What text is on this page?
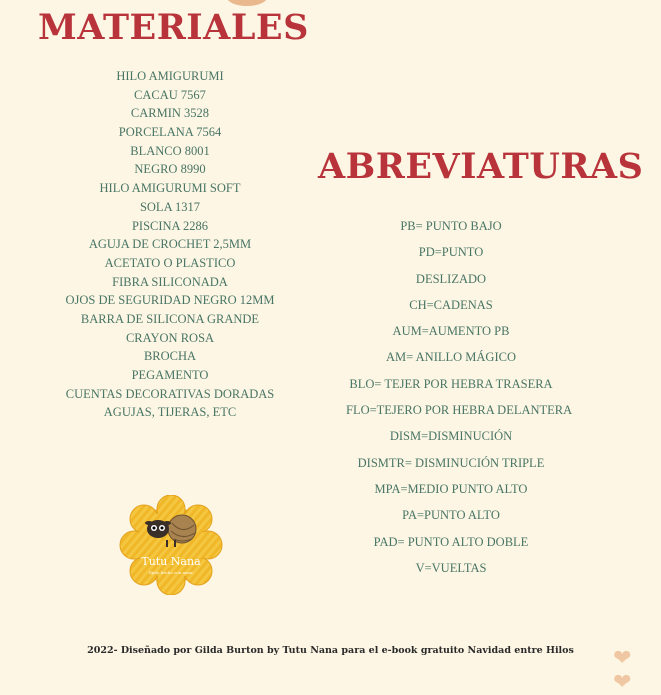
MATERIALES
HILO AMIGURUMI
CACAU 7567
CARMIN 3528
PORCELANA 7564
BLANCO 8001
NEGRO 8990
HILO AMIGURUMI SOFT
SOLA 1317
PISCINA 2286
AGUJA DE CROCHET 2,5MM
ACETATO O PLASTICO
FIBRA SILICONADA
OJOS DE SEGURIDAD NEGRO 12MM
BARRA DE SILICONA GRANDE
CRAYON ROSA
BROCHA
PEGAMENTO
CUENTAS DECORATIVAS DORADAS
AGUJAS, TIJERAS, ETC
ABREVIATURAS
PB= PUNTO BAJO
PD=PUNTO
DESLIZADO
CH=CADENAS
AUM=AUMENTO PB
AM= ANILLO MÁGICO
BLO= TEJER POR HEBRA TRASERA
FLO=TEJERO POR HEBRA DELANTERA
DISM=DISMINUCIÓN
DISMTR= DISMINUCIÓN TRIPLE
MPA=MEDIO PUNTO ALTO
PA=PUNTO ALTO
PAD= PUNTO ALTO DOBLE
V=VUELTAS
Tutu Nana
Ejido hecho con amor

2022- Diseñado por Gilda Burton by Tutu Nana para el e-book gratuito Navidad entre Hilos	❤❤
